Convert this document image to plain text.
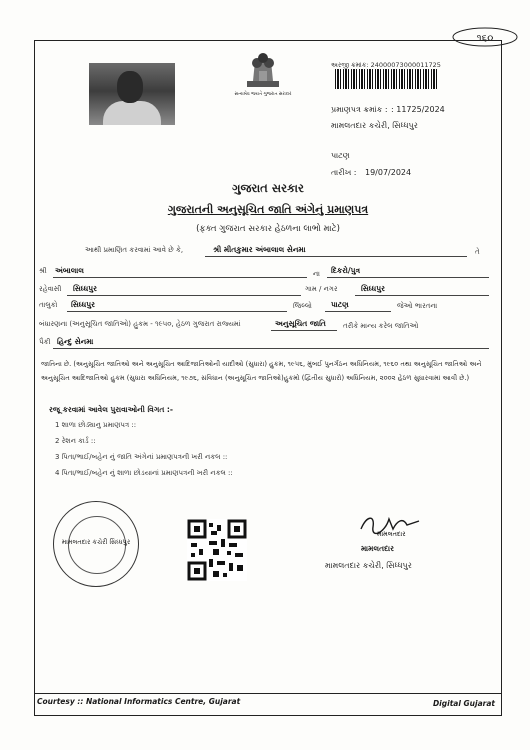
૧૬૦
સત્યમેવ જયતે ગુજરાત સરકાર
અરજી ક્રમાંક: 240000730000117​25
પ્રમાણપત્ર ક્રમાંક : : 11725/2024
મામલતદાર કચેરી, સિધ્ધપુર
પાટણ
તારીખ : 19/07/2024
ગુજરાત સરકાર
ગુજરાતની અનુસૂચિત જાતિ અંગેનું પ્રમાણપત્ર
(ફક્ત ગુજરાત સરકાર હેઠળના લાભો માટે)
આથી પ્રમાણિત કરવામાં આવે છે કે,	શ્રી મીતકુમાર અંબાલાલ સેનમા	તે
શ્રી અંબાલાલ	ના દિકરો/પુત્ર
રહેવાસી સિધ્ધપુર	ગામ / નગર	સિધ્ધપુર
તાલુકો સિધ્ધપુર	જિલ્લો	પાટણ	જેઓ ભારતના
બંધારણના (અનુસૂચિત જાતિઓ) હુકમ - ૧૯૫૦, હેઠળ ગુજરાત રાજ્યમાં	અનુસૂચિત જાતિ તરીકે માન્ય કરેલ જાતિઓ
પૈકી હિન્દુ સેનમા
જાતિના છે. (અનુસૂચિત જાતિઓ અને અનુસૂચિત આદિજાતિઓની યાદીઓ (સુધારા) હુકમ, ૧૯૫૬, મુંબઈ પુનર્ગઠન અધિનિયમ, ૧૯૬૦ તથા અનુસૂચિત જાતિઓ અને અનુસૂચિત આદિજાતિઓ હુકમ (સુધારા અધિનિયમ, ૧૯૭૬, સંવિધાન (અનુસૂચિત જાતિઓ)હુકમો (દ્વિતીય સુધારો) અધિનિયમ, ૨૦૦૨ હેઠળ સુધારવામાં આવી છે.)
રજૂ કરવામાં આવેલ પુરાવાઓની વિગત :-
1 શાળા છોડ્યાનુ પ્રમાણપત્ર ::
2 રેશન કાર્ડ ::
3 પિતા/ભાઈ/બહેન નું જાતિ અંગેનાં પ્રમાણપત્રની ખરી નકલ ::
4 પિતા/ભાઈ/બહેન નું શાળા છોડયાનાં પ્રમાણપત્રની ખરી નકલ ::
મામલતદાર કચેરી સિધ્ધપુર
મામલતદાર
મામલતદાર
મામલતદાર કચેરી, સિધ્ધપુર
Courtesy :: National Informatics Centre, Gujarat	Digital Gujarat
